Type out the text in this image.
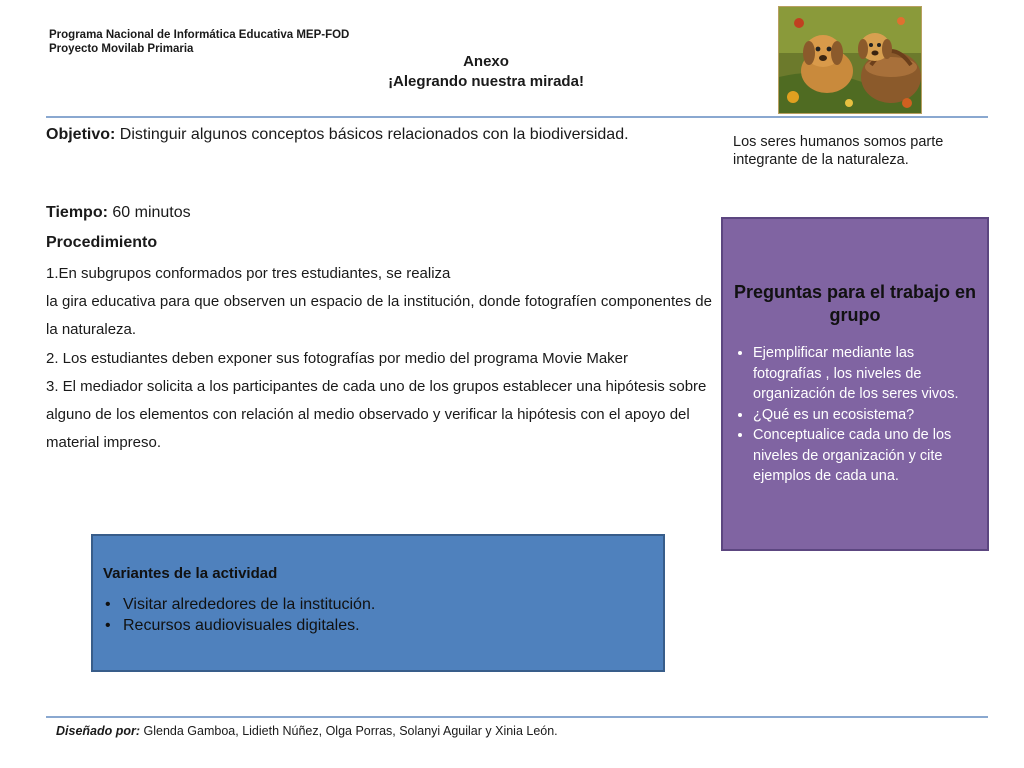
Programa Nacional de Informática Educativa MEP-FOD
Proyecto Movilab Primaria
Anexo
¡Alegrando nuestra mirada!
Objetivo: Distinguir algunos conceptos básicos relacionados con la biodiversidad.	Los seres humanos somos parte integrante de la naturaleza.
Tiempo: 60 minutos
Procedimiento

1.En subgrupos conformados por tres estudiantes, se realiza

la gira educativa para que observen un espacio de la institución, donde fotografíen componentes de la naturaleza.

2. Los estudiantes deben exponer sus fotografías por medio del programa Movie Maker

3. El mediador solicita a los participantes de cada uno de los grupos establecer una hipótesis sobre alguno de los elementos con relación al medio observado y verificar la hipótesis con el apoyo del material impreso.

Preguntas para el trabajo en grupo
• Ejemplificar mediante las fotografías , los niveles de organización de los seres vivos.
• ¿Qué es un ecosistema?
• Conceptualice cada uno de los niveles de organización y cite ejemplos de cada una.
Variantes de la actividad
• Visitar alrededores de la institución.
• Recursos audiovisuales digitales.
Diseñado por: Glenda Gamboa, Lidieth Núñez, Olga Porras, Solanyi Aguilar y Xinia León.
